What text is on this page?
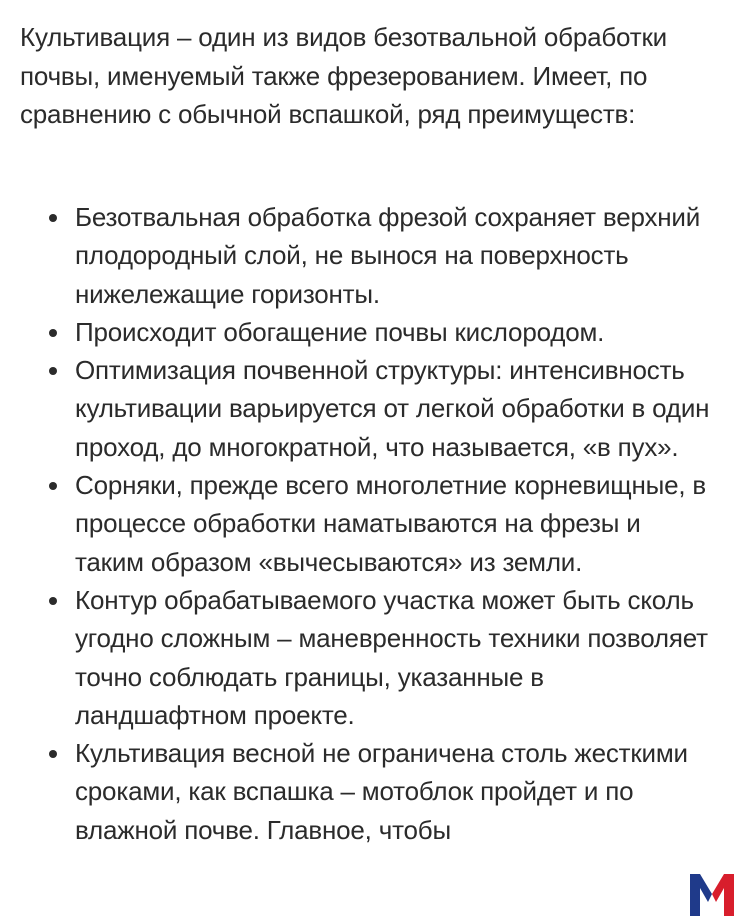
Культивация – один из видов безотвальной обработки почвы, именуемый также фрезерованием. Имеет, по сравнению с обычной вспашкой, ряд преимуществ:

Безотвальная обработка фрезой сохраняет верхний плодородный слой, не вынося на поверхность нижележащие горизонты.
Происходит обогащение почвы кислородом.
Оптимизация почвенной структуры: интенсивность культивации варьируется от легкой обработки в один проход, до многократной, что называется, «в пух».
Сорняки, прежде всего многолетние корневищные, в процессе обработки наматываются на фрезы и таким образом «вычесываются» из земли.
Контур обрабатываемого участка может быть сколь угодно сложным – маневренность техники позволяет точно соблюдать границы, указанные в ландшафтном проекте.
Культивация весной не ограничена столь жесткими сроками, как вспашка – мотоблок пройдет и по влажной почве. Главное, чтобы
